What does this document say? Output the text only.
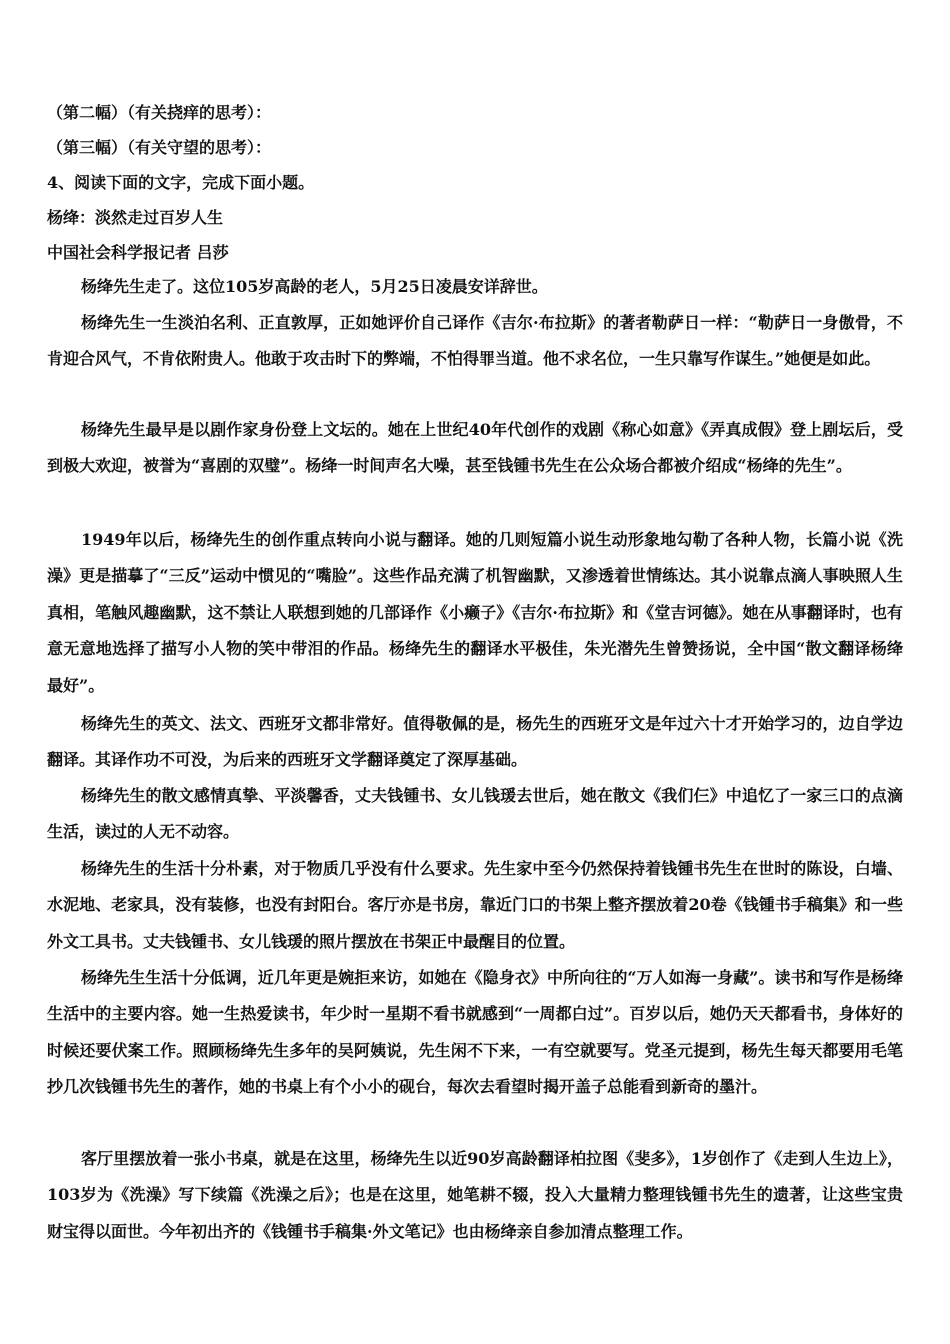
（第二幅）（有关挠痒的思考）：
（第三幅）（有关守望的思考）：
4、阅读下面的文字，完成下面小题。
杨绛：淡然走过百岁人生
中国社会科学报记者 吕莎

杨绛先生走了。这位105岁高龄的老人，5月25日凌晨安详辞世。

杨绛先生一生淡泊名利、正直敦厚，正如她评价自己译作《吉尔·布拉斯》的著者勒萨日一样：“勒萨日一身傲骨，不肯迎合风气，不肯依附贵人。他敢于攻击时下的弊端，不怕得罪当道。他不求名位，一生只靠写作谋生。”她便是如此。

杨绛先生最早是以剧作家身份登上文坛的。她在上世纪40年代创作的戏剧《称心如意》《弄真成假》登上剧坛后，受到极大欢迎，被誉为“喜剧的双璧”。杨绛一时间声名大噪，甚至钱锺书先生在公众场合都被介绍成“杨绛的先生”。

1949年以后，杨绛先生的创作重点转向小说与翻译。她的几则短篇小说生动形象地勾勒了各种人物，长篇小说《洗澡》更是描摹了“三反”运动中惯见的“嘴脸”。这些作品充满了机智幽默，又渗透着世情练达。其小说靠点滴人事映照人生真相，笔触风趣幽默，这不禁让人联想到她的几部译作《小癞子》《吉尔·布拉斯》和《堂吉诃德》。她在从事翻译时，也有意无意地选择了描写小人物的笑中带泪的作品。杨绛先生的翻译水平极佳，朱光潜先生曾赞扬说，全中国“散文翻译杨绛最好”。

杨绛先生的英文、法文、西班牙文都非常好。值得敬佩的是，杨先生的西班牙文是年过六十才开始学习的，边自学边翻译。其译作功不可没，为后来的西班牙文学翻译奠定了深厚基础。

杨绛先生的散文感情真挚、平淡馨香，丈夫钱锺书、女儿钱瑗去世后，她在散文《我们仨》中追忆了一家三口的点滴生活，读过的人无不动容。

杨绛先生的生活十分朴素，对于物质几乎没有什么要求。先生家中至今仍然保持着钱锺书先生在世时的陈设，白墙、水泥地、老家具，没有装修，也没有封阳台。客厅亦是书房，靠近门口的书架上整齐摆放着20卷《钱锺书手稿集》和一些外文工具书。丈夫钱锺书、女儿钱瑗的照片摆放在书架正中最醒目的位置。

杨绛先生生活十分低调，近几年更是婉拒来访，如她在《隐身衣》中所向往的“万人如海一身藏”。读书和写作是杨绛生活中的主要内容。她一生热爱读书，年少时一星期不看书就感到“一周都白过”。百岁以后，她仍天天都看书，身体好的时候还要伏案工作。照顾杨绛先生多年的吴阿姨说，先生闲不下来，一有空就要写。党圣元提到，杨先生每天都要用毛笔抄几次钱锺书先生的著作，她的书桌上有个小小的砚台，每次去看望时揭开盖子总能看到新奇的墨汁。

客厅里摆放着一张小书桌，就是在这里，杨绛先生以近90岁高龄翻译柏拉图《斐多》，1岁创作了《走到人生边上》，103岁为《洗澡》写下续篇《洗澡之后》；也是在这里，她笔耕不辍，投入大量精力整理钱锺书先生的遗著，让这些宝贵财宝得以面世。今年初出齐的《钱锺书手稿集·外文笔记》也由杨绛亲自参加清点整理工作。
